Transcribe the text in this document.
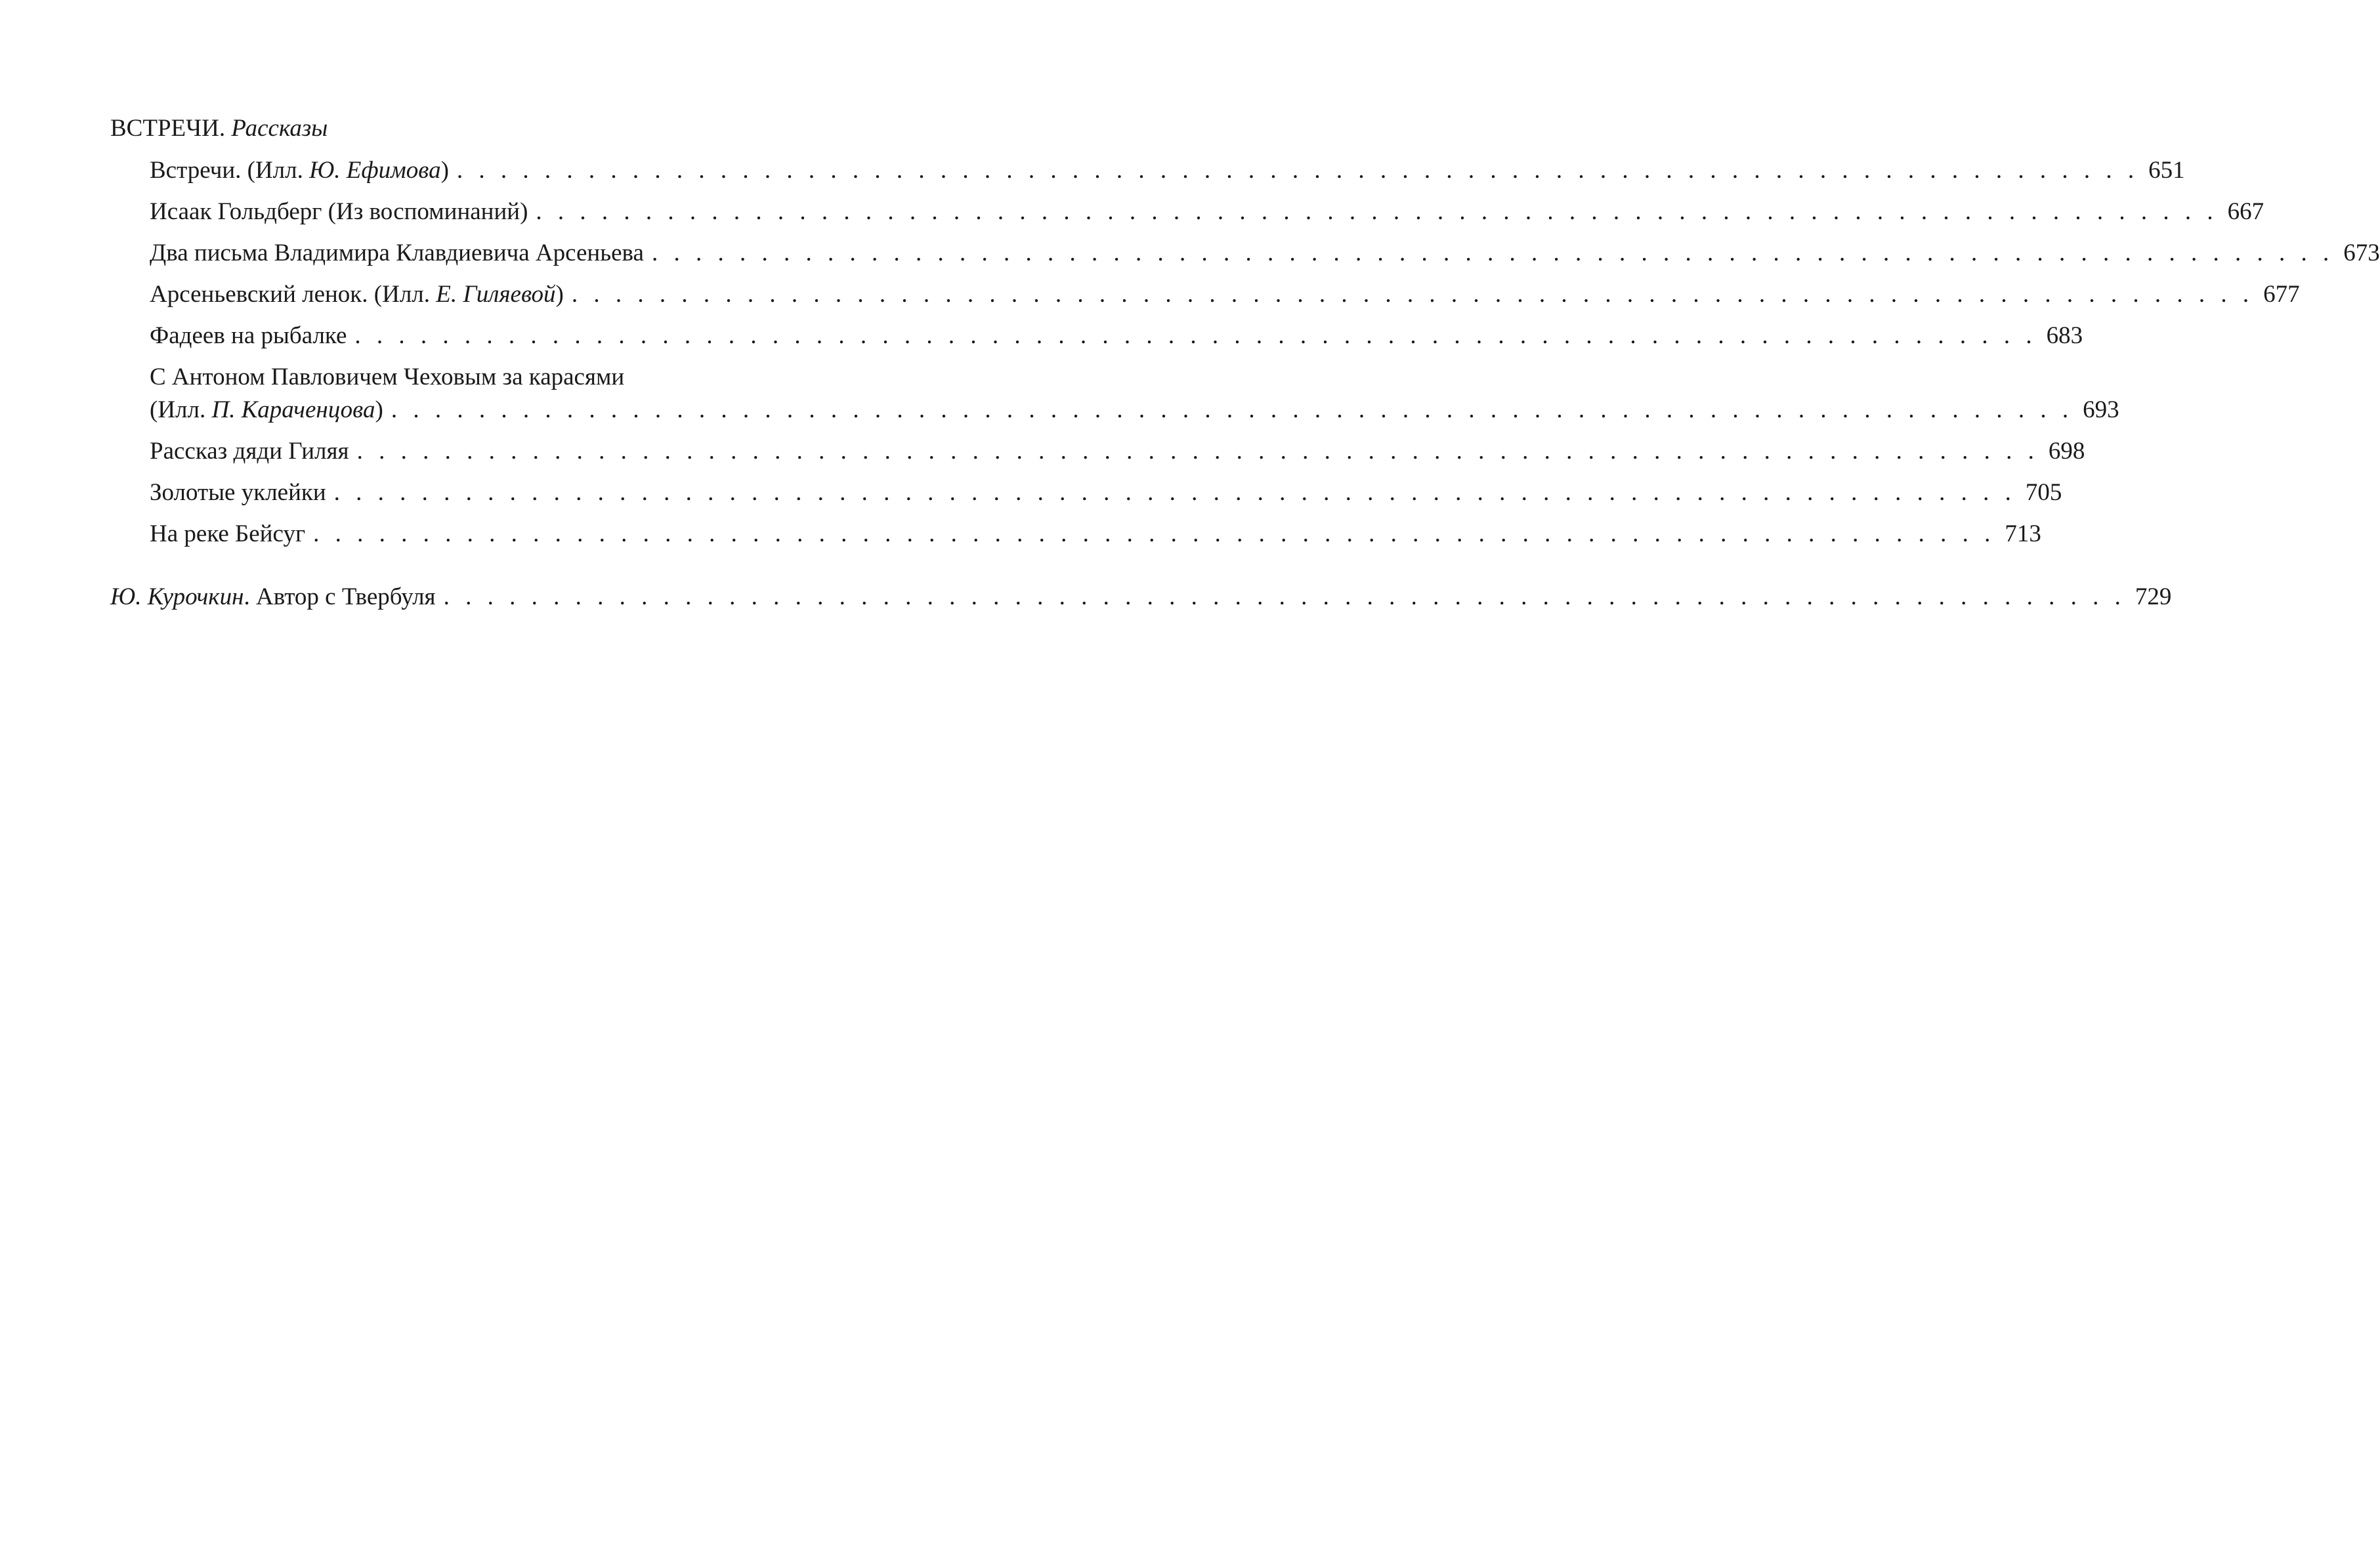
ВСТРЕЧИ. Рассказы
Встречи. (Илл. Ю. Ефимова) . . . . . . . . . . . . . . . . . . . . . . . . . . . . . . . . . . . . . . . . . . . . . . . . . . . . . . . . . . . . . . . . . . . . . . . . . . . . . 651
Исаак Гольдберг (Из воспоминаний) . . . . . . . . . . . . . . . . . . . . . . . . . . . . . . . . . . . . . . . . . . . . . . . . . . . . . . . . . . . . . . . . . . . . . . . . . . . . . 667
Два письма Владимира Клавдиевича Арсеньева . . . . . . . . . . . . . . . . . . . . . . . . . . . . . . . . . . . . . . . . . . . . . . . . . . . . . . . . . . . . . . . . . . . . . . . . . . . . . 673
Арсеньевский ленок. (Илл. Е. Гиляевой) . . . . . . . . . . . . . . . . . . . . . . . . . . . . . . . . . . . . . . . . . . . . . . . . . . . . . . . . . . . . . . . . . . . . . . . . . . . . . 677
Фадеев на рыбалке . . . . . . . . . . . . . . . . . . . . . . . . . . . . . . . . . . . . . . . . . . . . . . . . . . . . . . . . . . . . . . . . . . . . . . . . . . . . . 683
С Антоном Павловичем Чеховым за карасями
(Илл. П. Караченцова) . . . . . . . . . . . . . . . . . . . . . . . . . . . . . . . . . . . . . . . . . . . . . . . . . . . . . . . . . . . . . . . . . . . . . . . . . . . . . 693
Рассказ дяди Гиляя . . . . . . . . . . . . . . . . . . . . . . . . . . . . . . . . . . . . . . . . . . . . . . . . . . . . . . . . . . . . . . . . . . . . . . . . . . . . . 698
Золотые уклейки . . . . . . . . . . . . . . . . . . . . . . . . . . . . . . . . . . . . . . . . . . . . . . . . . . . . . . . . . . . . . . . . . . . . . . . . . . . . . 705
На реке Бейсуг . . . . . . . . . . . . . . . . . . . . . . . . . . . . . . . . . . . . . . . . . . . . . . . . . . . . . . . . . . . . . . . . . . . . . . . . . . . . . 713
Ю. Курочкин. Автор с Твербуля . . . . . . . . . . . . . . . . . . . . . . . . . . . . . . . . . . . . . . . . . . . . . . . . . . . . . . . . . . . . . . . . . . . . . . . . . . . . . 729
